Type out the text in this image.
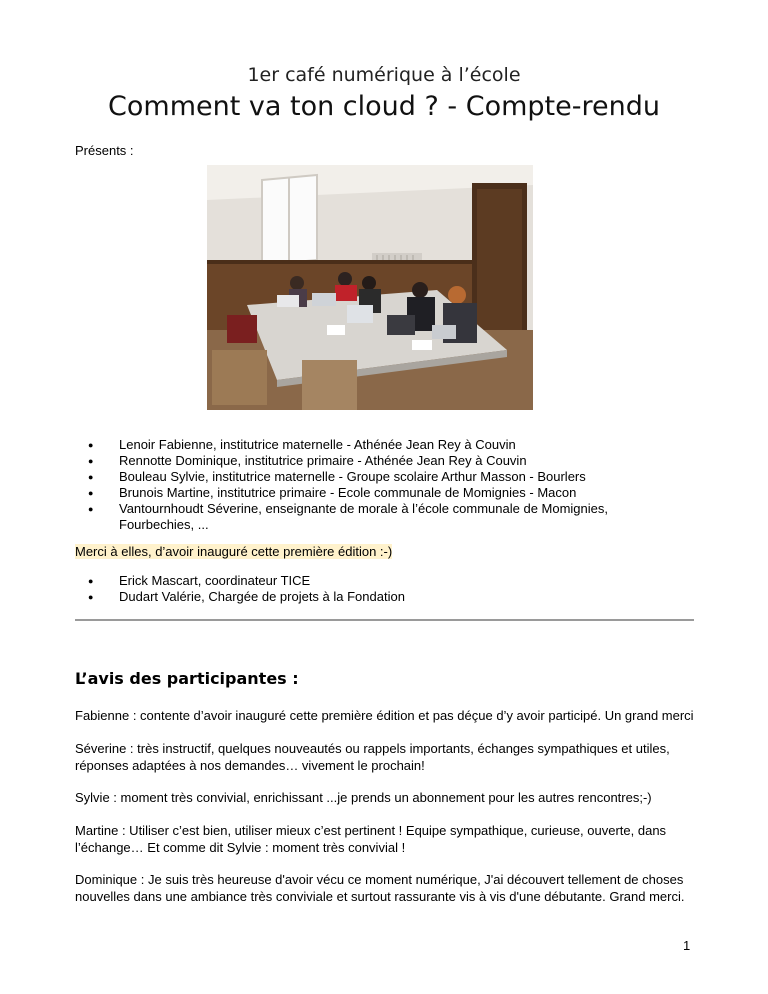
1er café numérique à l’école
Comment va ton cloud ? - Compte-rendu
Présents :
● Lenoir Fabienne, institutrice maternelle - Athénée Jean Rey à Couvin
● Rennotte Dominique, institutrice primaire - Athénée Jean Rey à Couvin
● Bouleau Sylvie, institutrice maternelle - Groupe scolaire Arthur Masson - Bourlers
● Brunois Martine, institutrice primaire - Ecole communale de Momignies - Macon
● Vantournhoudt Séverine, enseignante de morale à l’école communale de Momignies, Fourbechies, ...
Merci à elles, d’avoir inauguré cette première édition :-)
● Erick Mascart, coordinateur TICE
● Dudart Valérie, Chargée de projets à la Fondation
L’avis des participantes :

Fabienne : contente d’avoir inauguré cette première édition et pas déçue d’y avoir participé. Un grand merci

Séverine : très instructif, quelques nouveautés ou rappels importants, échanges sympathiques et utiles, réponses adaptées à nos demandes… vivement le prochain!

Sylvie : moment très convivial, enrichissant ...je prends un abonnement pour les autres rencontres;-)

Martine : Utiliser c’est bien, utiliser mieux c’est pertinent ! Equipe sympathique, curieuse, ouverte, dans l’échange… Et comme dit Sylvie : moment très convivial !

Dominique : Je suis très heureuse d'avoir vécu ce moment numérique, J'ai découvert tellement de choses nouvelles dans une ambiance très conviviale et surtout rassurante vis à vis d'une débutante. Grand merci.

1
